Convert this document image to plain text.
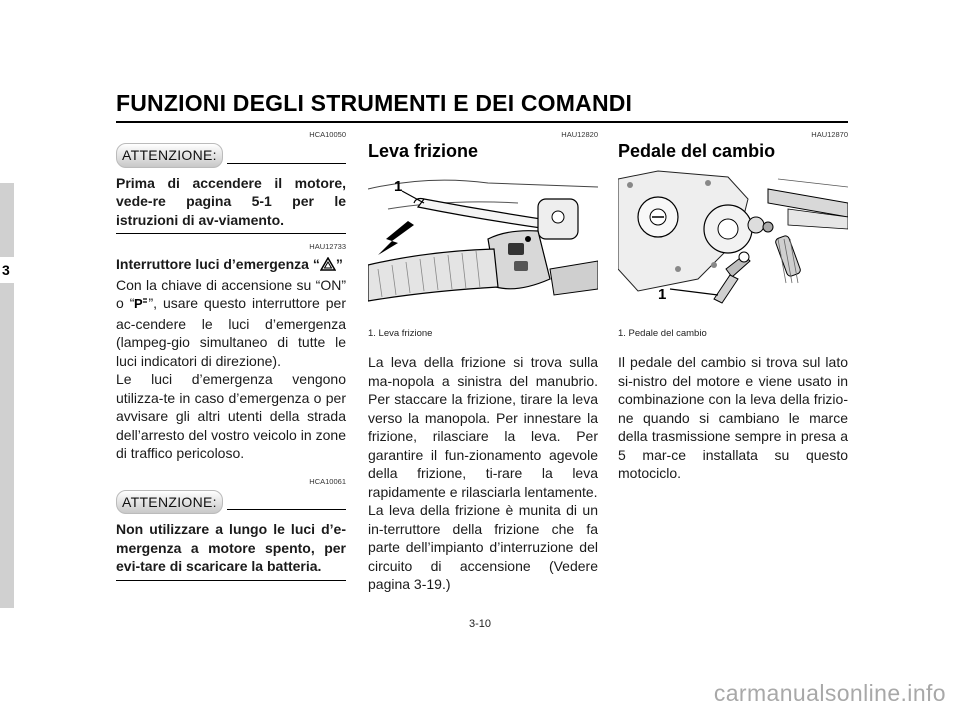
FUNZIONI DEGLI STRUMENTI E DEI COMANDI
3
HCA10050
ATTENZIONE:

Prima di accendere il motore, vede-re pagina 5-1 per le istruzioni di av-viamento.

HAU12733
Interruttore luci d’emergenza “ ”

Con la chiave di accensione su “ON” o “ P ”, usare questo interruttore per ac-cendere le luci d’emergenza (lampeg-gio simultaneo di tutte le luci indicatori di direzione).

Le luci d’emergenza vengono utilizza-te in caso d’emergenza o per avvisare gli altri utenti della strada dell’arresto del vostro veicolo in zone di traffico pericoloso.

HCA10061
ATTENZIONE:

Non utilizzare a lungo le luci d’e-mergenza a motore spento, per evi-tare di scaricare la batteria.

HAU12820
Leva frizione
1
1. Leva frizione

La leva della frizione si trova sulla ma-nopola a sinistra del manubrio. Per staccare la frizione, tirare la leva verso la manopola. Per innestare la frizione, rilasciare la leva. Per garantire il fun-zionamento agevole della frizione, ti-rare la leva rapidamente e rilasciarla lentamente.

La leva della frizione è munita di un in-terruttore della frizione che fa parte dell’impianto d’interruzione del circuito di accensione (Vedere pagina 3-19.)

HAU12870
Pedale del cambio
1
1. Pedale del cambio

Il pedale del cambio si trova sul lato si-nistro del motore e viene usato in combinazione con la leva della frizio-ne quando si cambiano le marce della trasmissione sempre in presa a 5 mar-ce installata su questo motociclo.

3-10
carmanualsonline.info
